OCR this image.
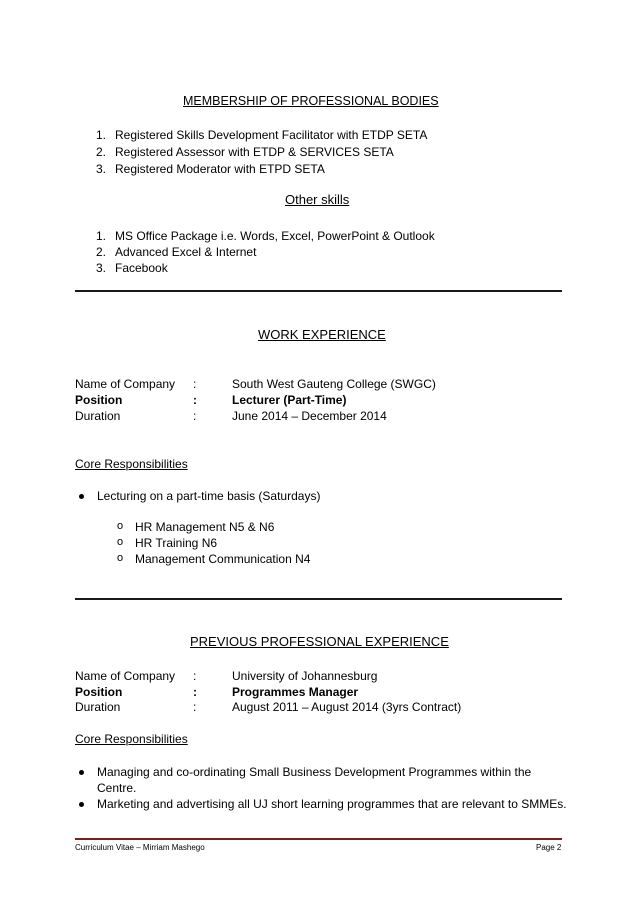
MEMBERSHIP OF PROFESSIONAL BODIES
1. Registered Skills Development Facilitator with ETDP SETA
2. Registered Assessor with ETDP & SERVICES SETA
3. Registered Moderator with ETPD SETA
Other skills
1. MS Office Package i.e. Words, Excel, PowerPoint & Outlook
2. Advanced Excel & Internet
3. Facebook
WORK EXPERIENCE
Name of Company :	South West Gauteng College (SWGC)
Position	:	Lecturer (Part-Time)
Duration	:	June 2014 – December 2014
Core Responsibilities
Lecturing on a part-time basis (Saturdays)
o HR Management N5 & N6
o HR Training N6
o Management Communication N4
PREVIOUS PROFESSIONAL EXPERIENCE
Name of Company :	University of Johannesburg
Position	:	Programmes Manager
Duration	:	August 2011 – August 2014 (3yrs Contract)
Core Responsibilities
Managing and co-ordinating Small Business Development Programmes within the
Centre.
Marketing and advertising all UJ short learning programmes that are relevant to SMMEs.
Curriculum Vitae – Mirriam Mashego	Page 2
